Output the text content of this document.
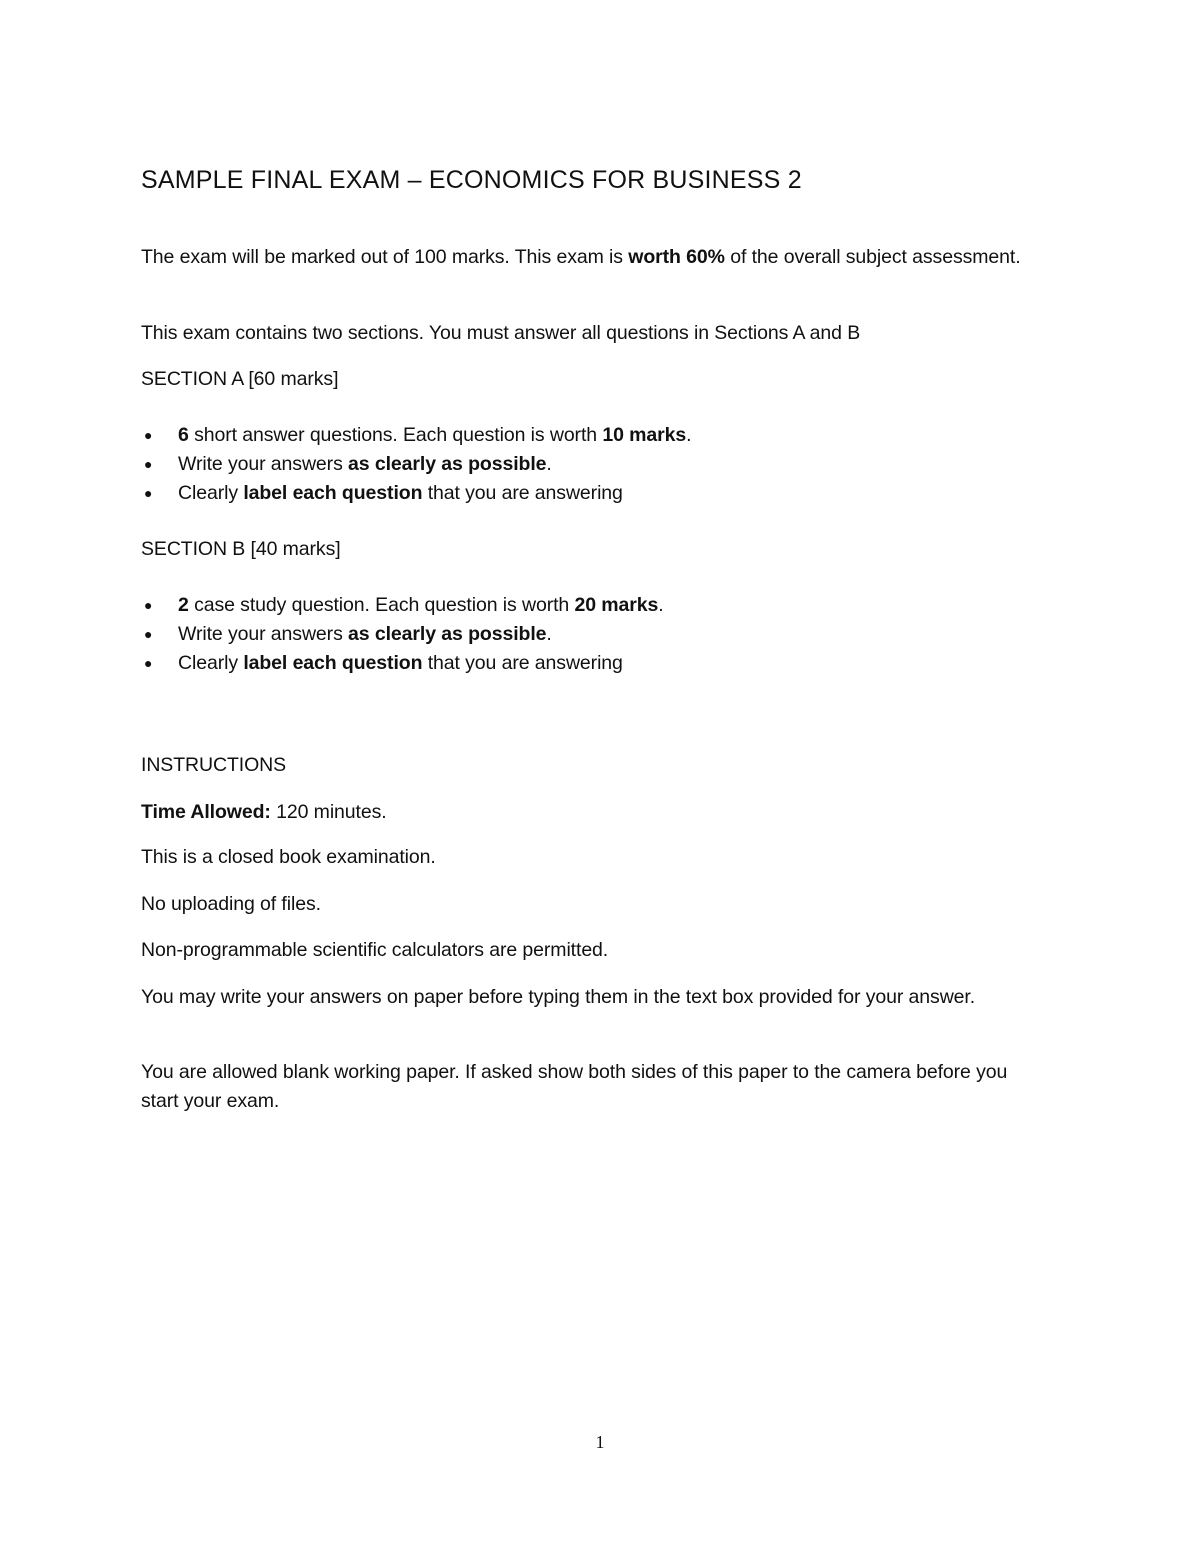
SAMPLE FINAL EXAM – ECONOMICS FOR BUSINESS 2
The exam will be marked out of 100 marks. This exam is worth 60% of the overall subject assessment.
This exam contains two sections. You must answer all questions in Sections A and B
SECTION A [60 marks]
● 6 short answer questions. Each question is worth 10 marks.
● Write your answers as clearly as possible.
● Clearly label each question that you are answering
SECTION B [40 marks]
● 2 case study question. Each question is worth 20 marks.
● Write your answers as clearly as possible.
● Clearly label each question that you are answering
INSTRUCTIONS
Time Allowed: 120 minutes.
This is a closed book examination.
No uploading of files.
Non-programmable scientific calculators are permitted.
You may write your answers on paper before typing them in the text box provided for your answer.
You are allowed blank working paper. If asked show both sides of this paper to the camera before you start your exam.
1
